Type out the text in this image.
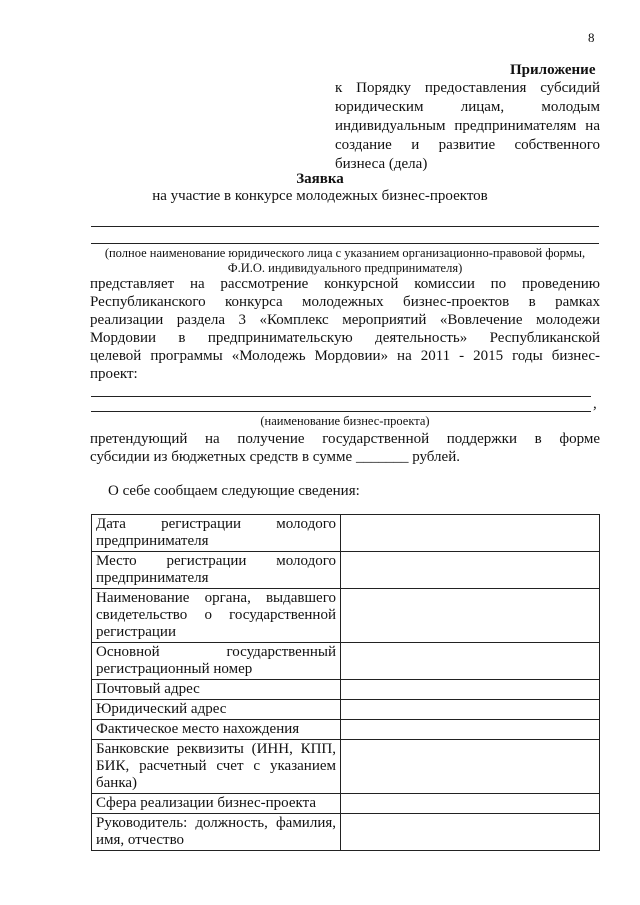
8
Приложение
к Порядку предоставления субсидий
юридическим лицам, молодым
индивидуальным предпринимателям на
создание и развитие собственного
бизнеса (дела)
Заявка
на участие в конкурсе молодежных бизнес-проектов
(полное наименование юридического лица с указанием организационно-правовой формы,
Ф.И.О. индивидуального предпринимателя)
представляет на рассмотрение конкурсной комиссии по проведению
Республиканского конкурса молодежных бизнес-проектов в рамках
реализации раздела 3 «Комплекс мероприятий «Вовлечение молодежи
Мордовии в предпринимательскую деятельность» Республиканской
целевой программы «Молодежь Мордовии» на 2011 - 2015 годы бизнес-
проект:
,
(наименование бизнес-проекта)
претендующий на получение государственной поддержки в форме
субсидии из бюджетных средств в сумме _______ рублей.
О себе сообщаем следующие сведения:
Дата регистрации молодого
предпринимателя	

Место регистрации молодого
предпринимателя	

Наименование органа, выдавшего
свидетельство о государственной
регистрации	

Основной государственный
регистрационный номер	

Почтовый адрес	

Юридический адрес	

Фактическое место нахождения	

Банковские реквизиты (ИНН, КПП,
БИК, расчетный счет с указанием
банка)	

Сфера реализации бизнес-проекта	

Руководитель: должность, фамилия,
имя, отчество	
